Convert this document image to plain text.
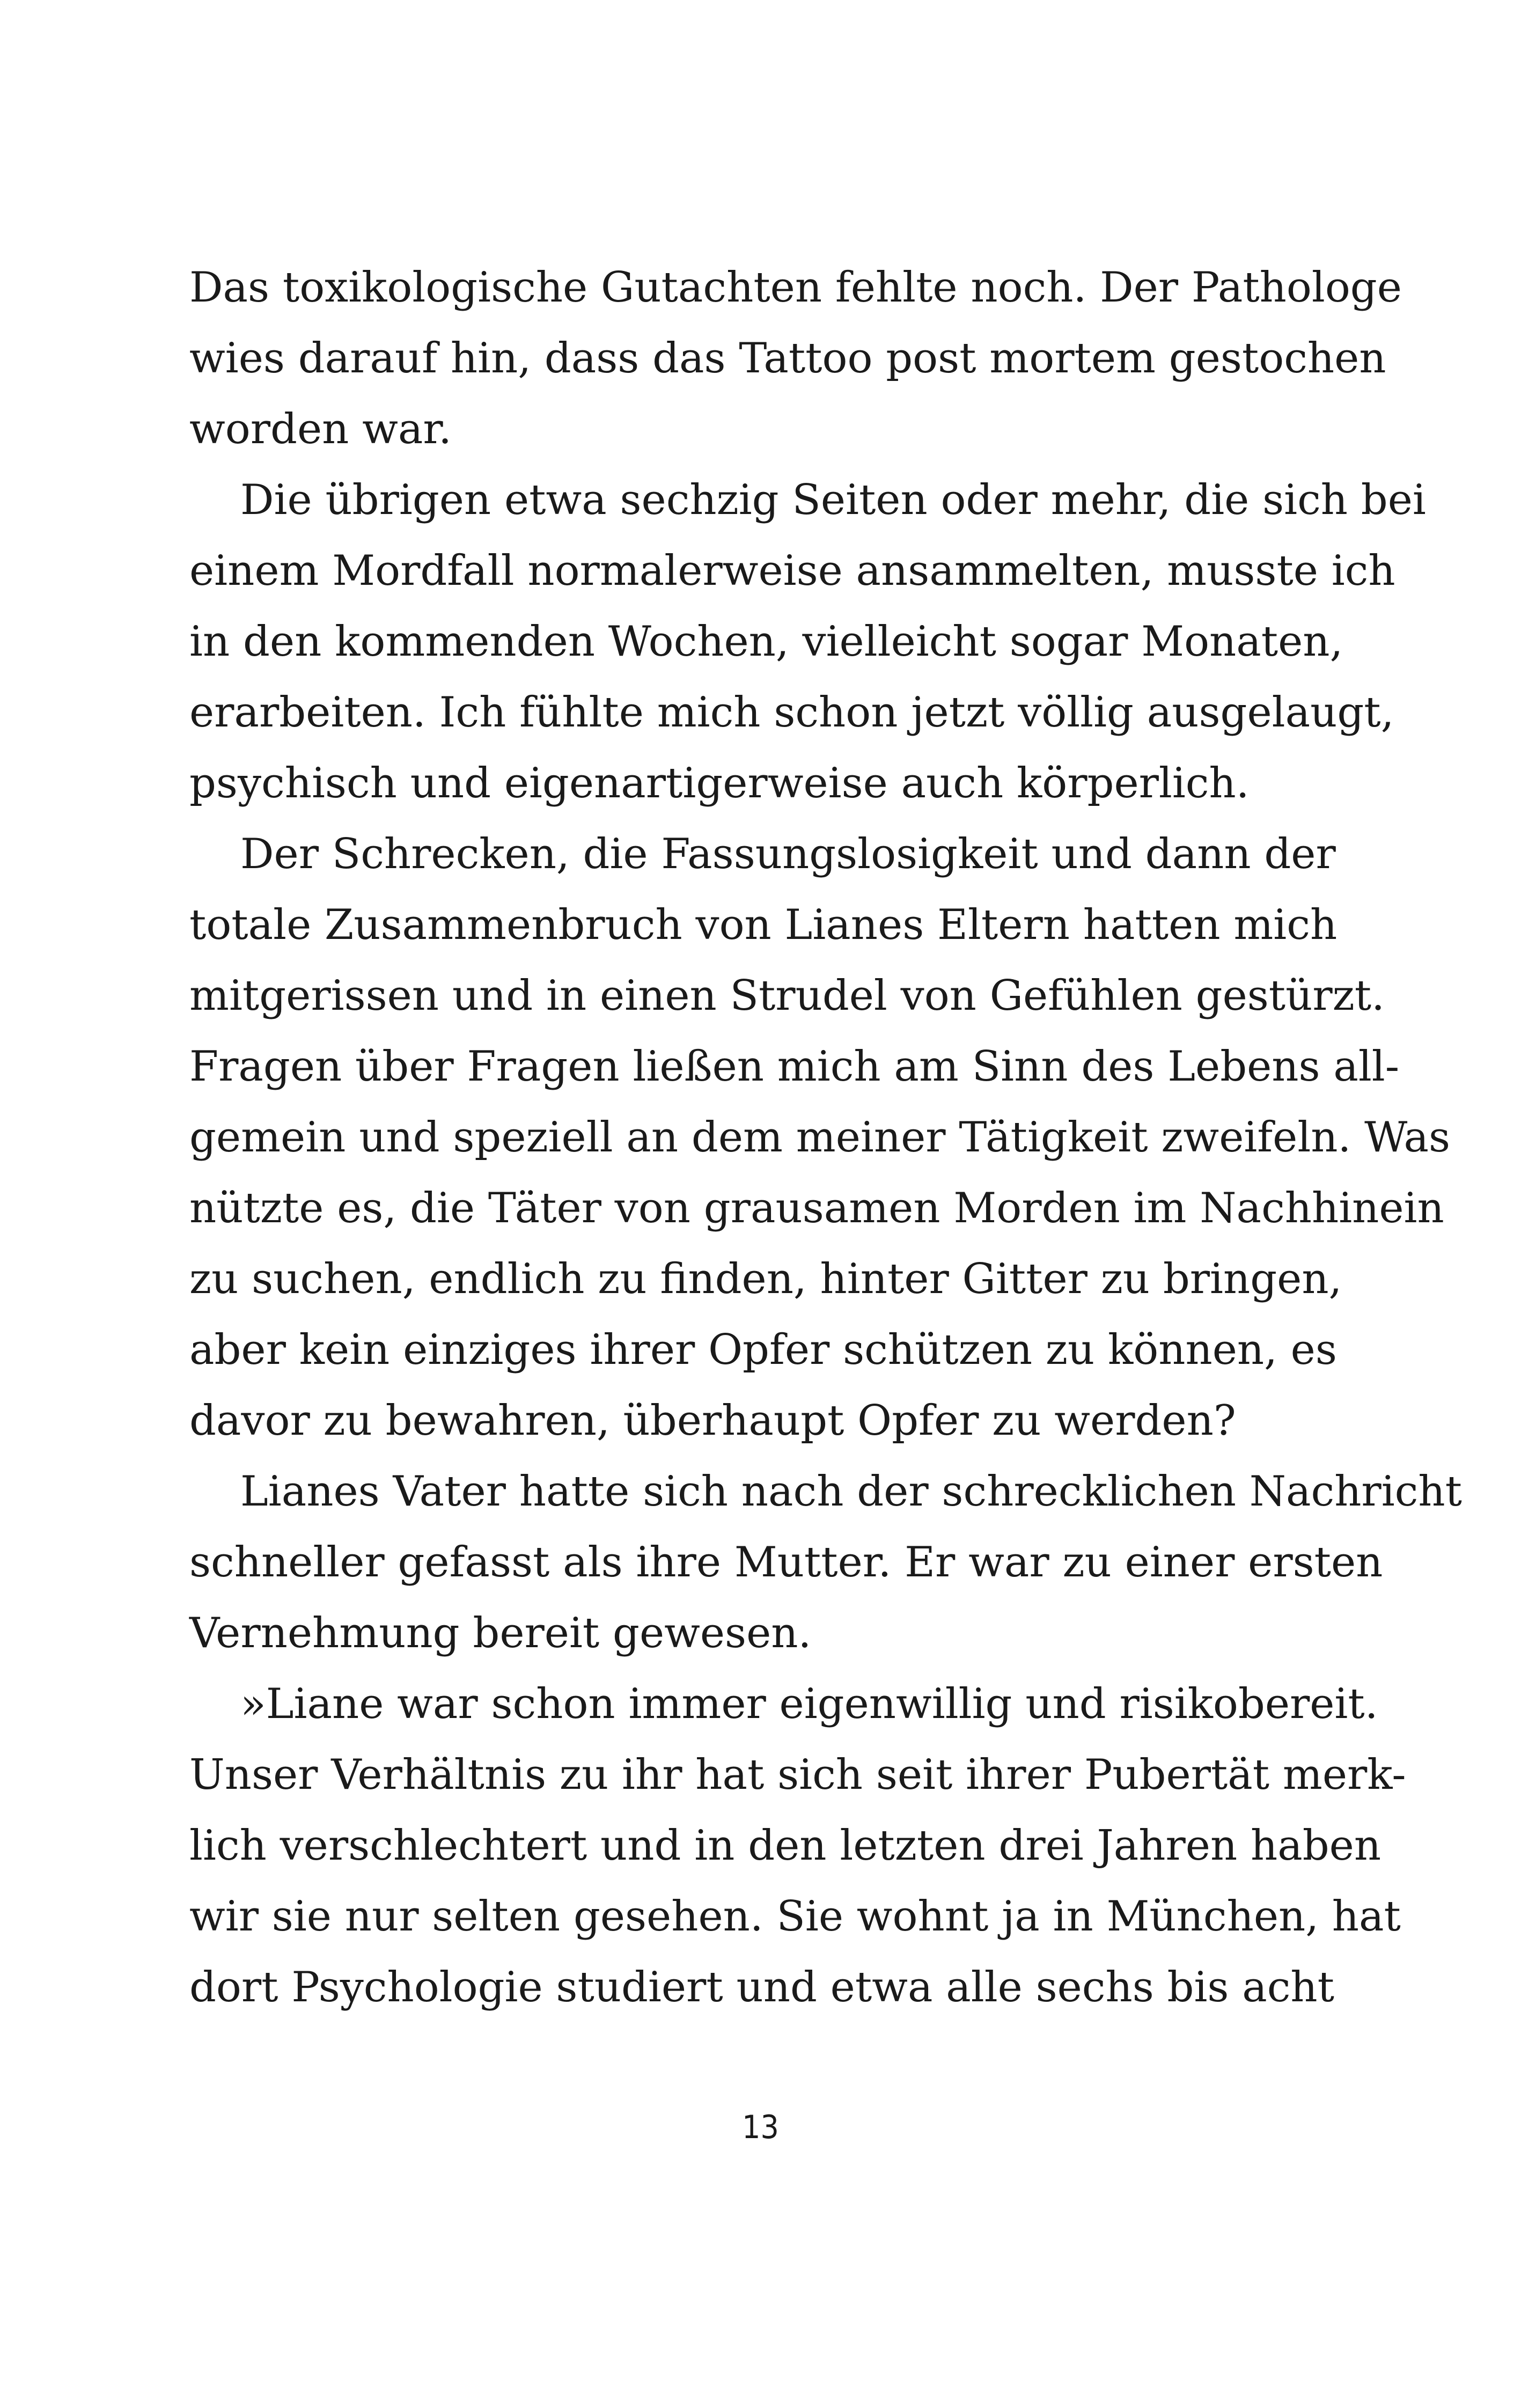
Das toxikologische Gutachten fehlte noch. Der Pathologe
wies darauf hin, dass das Tattoo post mortem gestochen
worden war.
Die übrigen etwa sechzig Seiten oder mehr, die sich bei
einem Mordfall normalerweise ansammelten, musste ich
in den kommenden Wochen, vielleicht sogar Monaten,
erarbeiten. Ich fühlte mich schon jetzt völlig ausgelaugt,
psychisch und eigenartigerweise auch körperlich.
Der Schrecken, die Fassungslosigkeit und dann der
totale Zusammenbruch von Lianes Eltern hatten mich
mitgerissen und in einen Strudel von Gefühlen gestürzt.
Fragen über Fragen ließen mich am Sinn des Lebens all-
gemein und speziell an dem meiner Tätigkeit zweifeln. Was
nützte es, die Täter von grausamen Morden im Nachhinein
zu suchen, endlich zu finden, hinter Gitter zu bringen,
aber kein einziges ihrer Opfer schützen zu können, es
davor zu bewahren, überhaupt Opfer zu werden?
Lianes Vater hatte sich nach der schrecklichen Nachricht
schneller gefasst als ihre Mutter. Er war zu einer ersten
Vernehmung bereit gewesen.
»Liane war schon immer eigenwillig und risikobereit.
Unser Verhältnis zu ihr hat sich seit ihrer Pubertät merk-
lich verschlechtert und in den letzten drei Jahren haben
wir sie nur selten gesehen. Sie wohnt ja in München, hat
dort Psychologie studiert und etwa alle sechs bis acht
13
